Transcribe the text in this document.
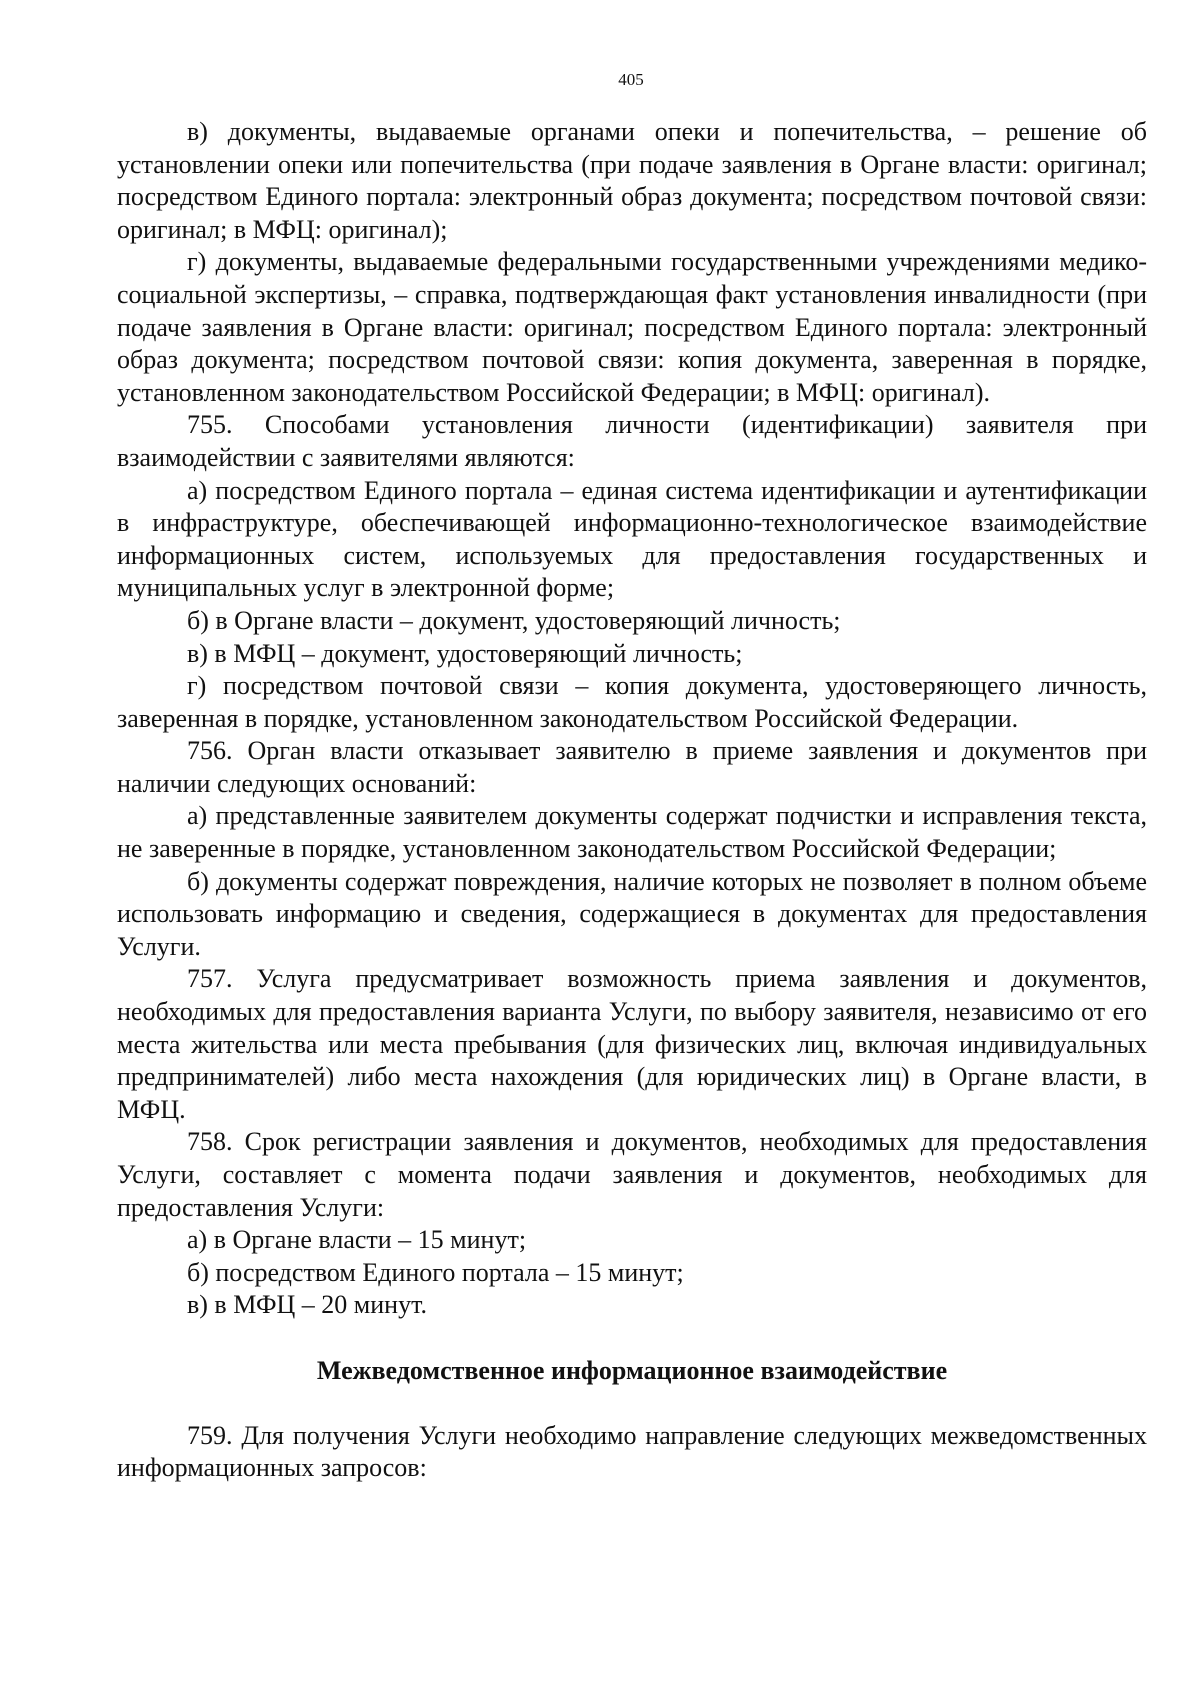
405

в) документы, выдаваемые органами опеки и попечительства, – решение об установлении опеки или попечительства (при подаче заявления в Органе власти: оригинал; посредством Единого портала: электронный образ документа; посредством почтовой связи: оригинал; в МФЦ: оригинал);

г) документы, выдаваемые федеральными государственными учреждениями медико-социальной экспертизы, – справка, подтверждающая факт установления инвалидности (при подаче заявления в Органе власти: оригинал; посредством Единого портала: электронный образ документа; посредством почтовой связи: копия документа, заверенная в порядке, установленном законодательством Российской Федерации; в МФЦ: оригинал).

755. Способами установления личности (идентификации) заявителя при взаимодействии с заявителями являются:

а) посредством Единого портала – единая система идентификации и аутентификации в инфраструктуре, обеспечивающей информационно-технологическое взаимодействие информационных систем, используемых для предоставления государственных и муниципальных услуг в электронной форме;

б) в Органе власти – документ, удостоверяющий личность;

в) в МФЦ – документ, удостоверяющий личность;

г) посредством почтовой связи – копия документа, удостоверяющего личность, заверенная в порядке, установленном законодательством Российской Федерации.

756. Орган власти отказывает заявителю в приеме заявления и документов при наличии следующих оснований:

а) представленные заявителем документы содержат подчистки и исправления текста, не заверенные в порядке, установленном законодательством Российской Федерации;

б) документы содержат повреждения, наличие которых не позволяет в полном объеме использовать информацию и сведения, содержащиеся в документах для предоставления Услуги.

757. Услуга предусматривает возможность приема заявления и документов, необходимых для предоставления варианта Услуги, по выбору заявителя, независимо от его места жительства или места пребывания (для физических лиц, включая индивидуальных предпринимателей) либо места нахождения (для юридических лиц) в Органе власти, в МФЦ.

758. Срок регистрации заявления и документов, необходимых для предоставления Услуги, составляет с момента подачи заявления и документов, необходимых для предоставления Услуги:

а) в Органе власти – 15 минут;

б) посредством Единого портала – 15 минут;

в) в МФЦ – 20 минут.

Межведомственное информационное взаимодействие

759. Для получения Услуги необходимо направление следующих межведомственных информационных запросов:
